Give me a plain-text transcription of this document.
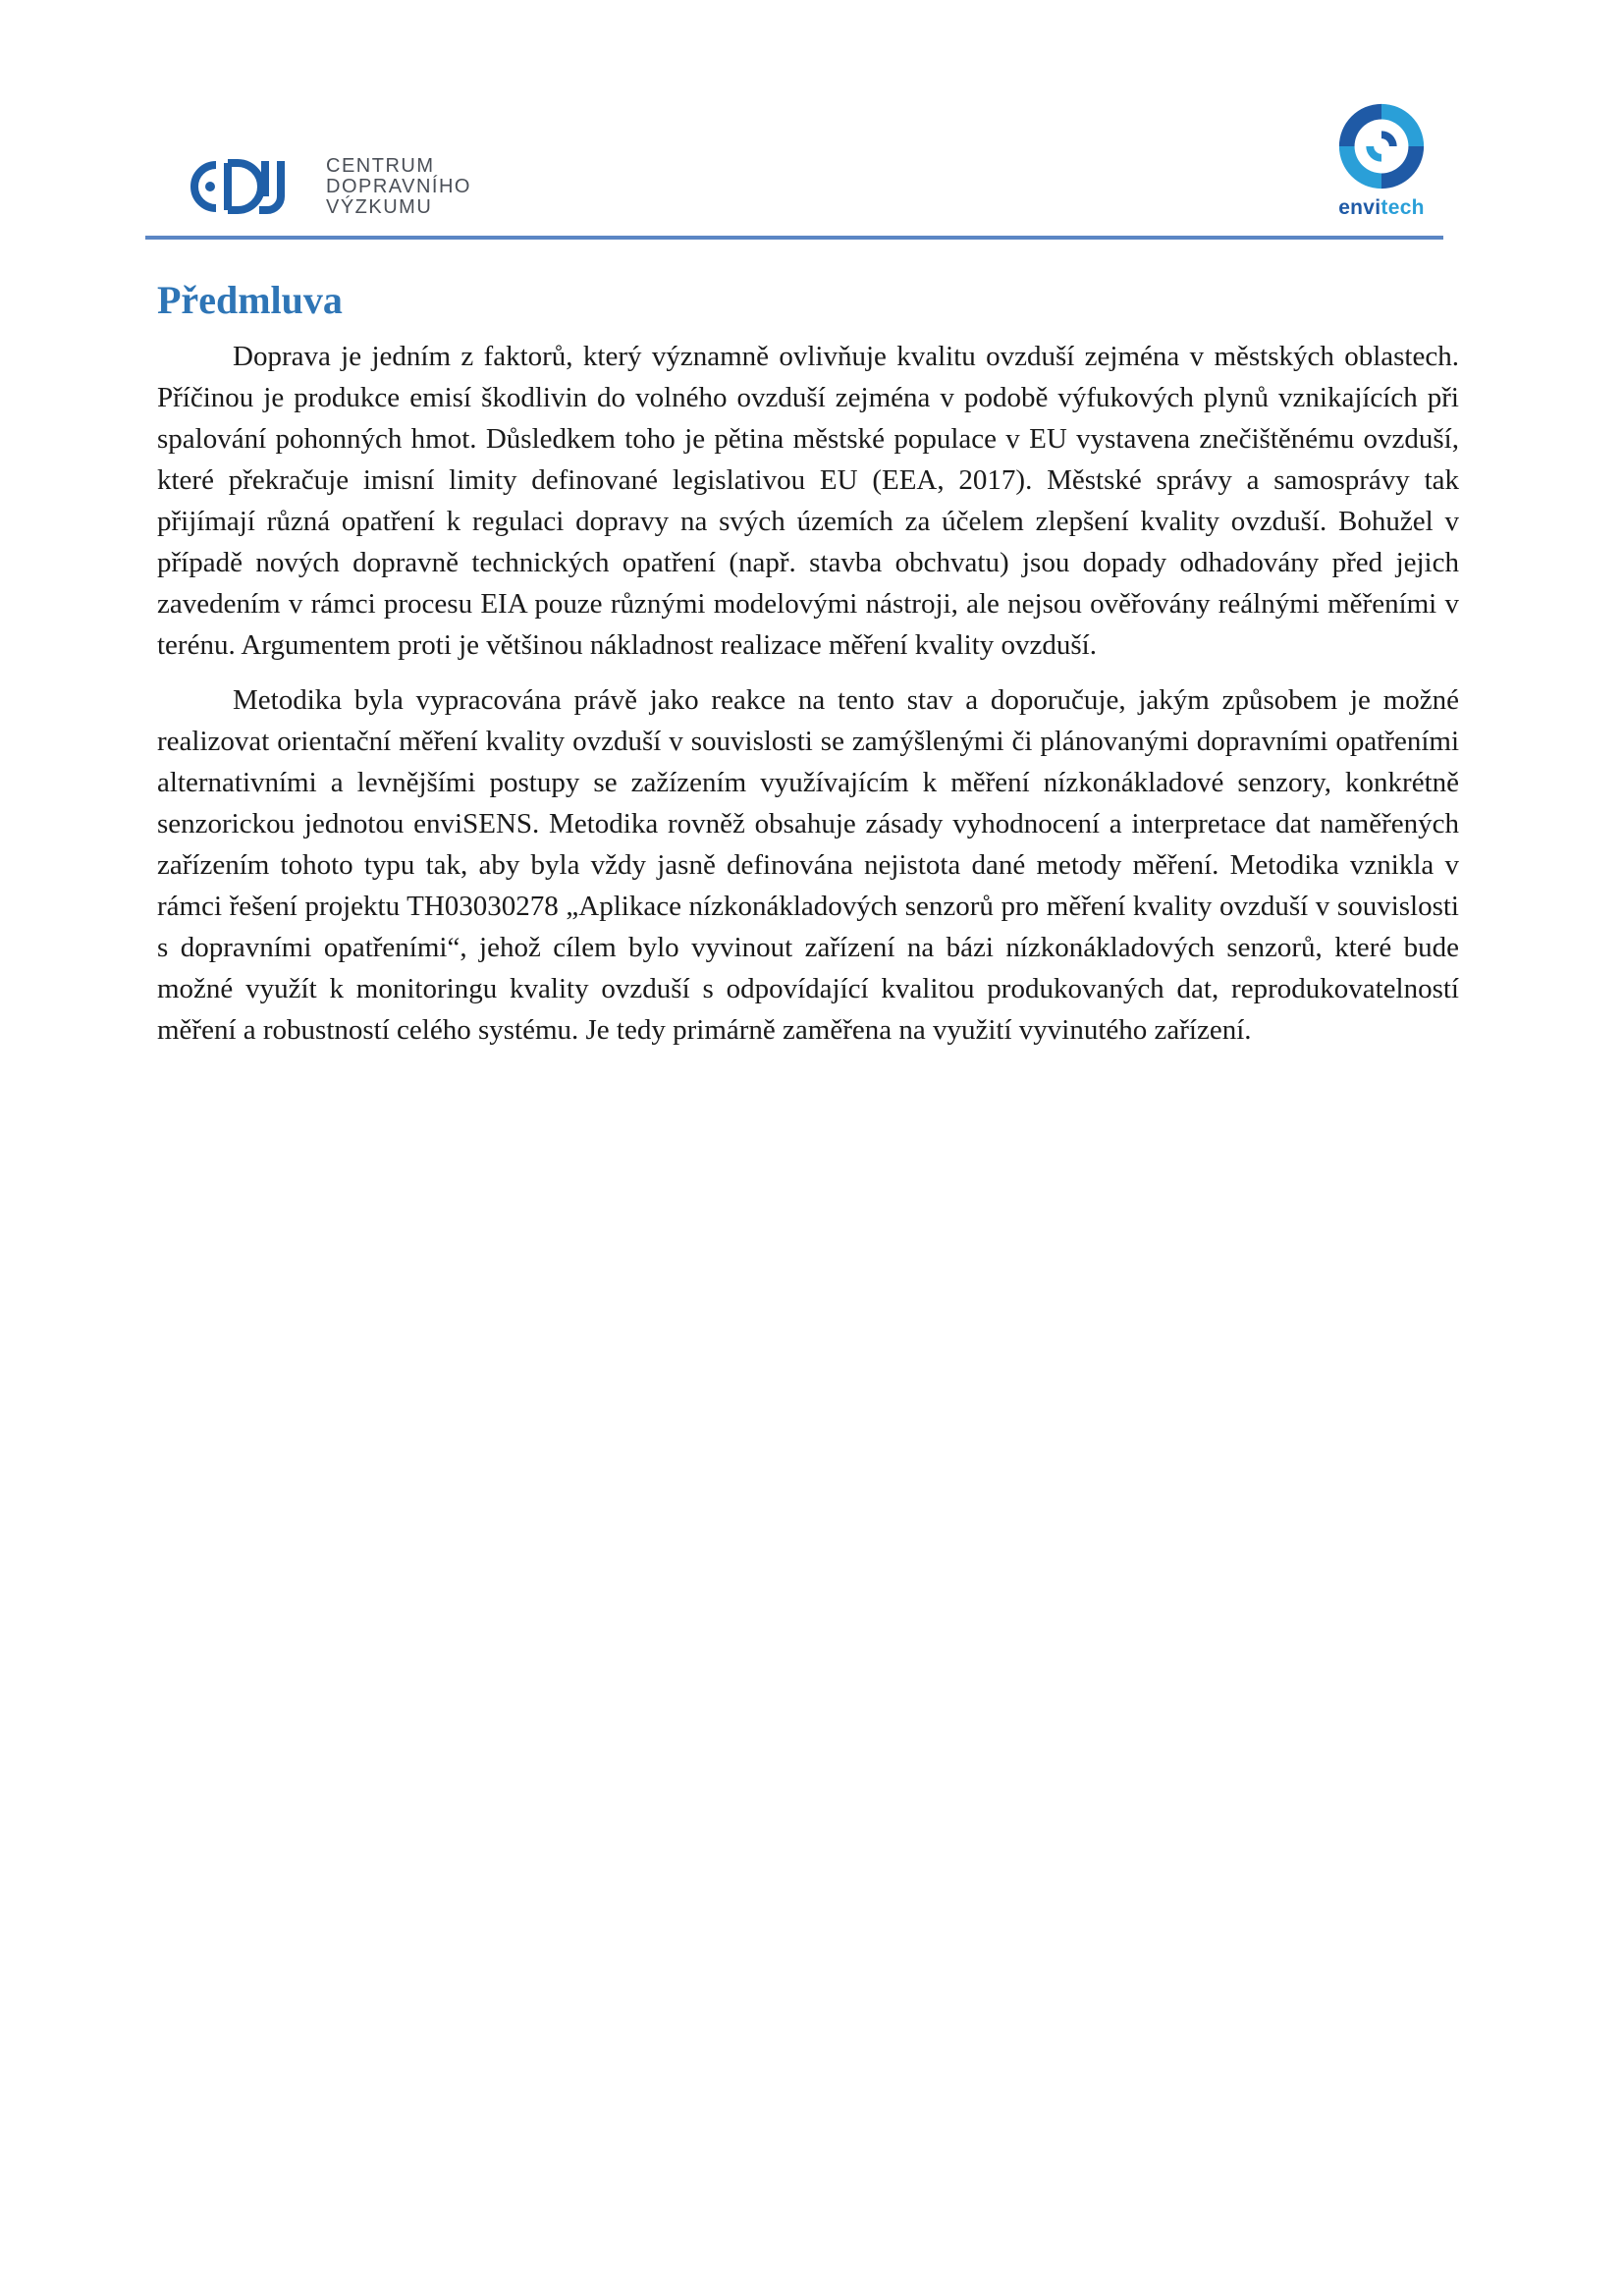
CENTRUM
DOPRAVNÍHO
VÝZKUMU	envitech
Předmluva

Doprava je jedním z faktorů, který významně ovlivňuje kvalitu ovzduší zejména v městských oblastech. Příčinou je produkce emisí škodlivin do volného ovzduší zejména v podobě výfukových plynů vznikajících při spalování pohonných hmot. Důsledkem toho je pětina městské populace v EU vystavena znečištěnému ovzduší, které překračuje imisní limity definované legislativou EU (EEA, 2017). Městské správy a samosprávy tak přijímají různá opatření k regulaci dopravy na svých územích za účelem zlepšení kvality ovzduší. Bohužel v případě nových dopravně technických opatření (např. stavba obchvatu) jsou dopady odhadovány před jejich zavedením v rámci procesu EIA pouze různými modelovými nástroji, ale nejsou ověřovány reálnými měřeními v terénu. Argumentem proti je většinou nákladnost realizace měření kvality ovzduší.

Metodika byla vypracována právě jako reakce na tento stav a doporučuje, jakým způsobem je možné realizovat orientační měření kvality ovzduší v souvislosti se zamýšlenými či plánovanými dopravními opatřeními alternativními a levnějšími postupy se zažízením využívajícím k měření nízkonákladové senzory, konkrétně senzorickou jednotou enviSENS. Metodika rovněž obsahuje zásady vyhodnocení a interpretace dat naměřených zařízením tohoto typu tak, aby byla vždy jasně definována nejistota dané metody měření. Metodika vznikla v rámci řešení projektu TH03030278 „Aplikace nízkonákladových senzorů pro měření kvality ovzduší v souvislosti s dopravními opatřeními“, jehož cílem bylo vyvinout zařízení na bázi nízkonákladových senzorů, které bude možné využít k monitoringu kvality ovzduší s odpovídající kvalitou produkovaných dat, reprodukovatelností měření a robustností celého systému. Je tedy primárně zaměřena na využití vyvinutého zařízení.
